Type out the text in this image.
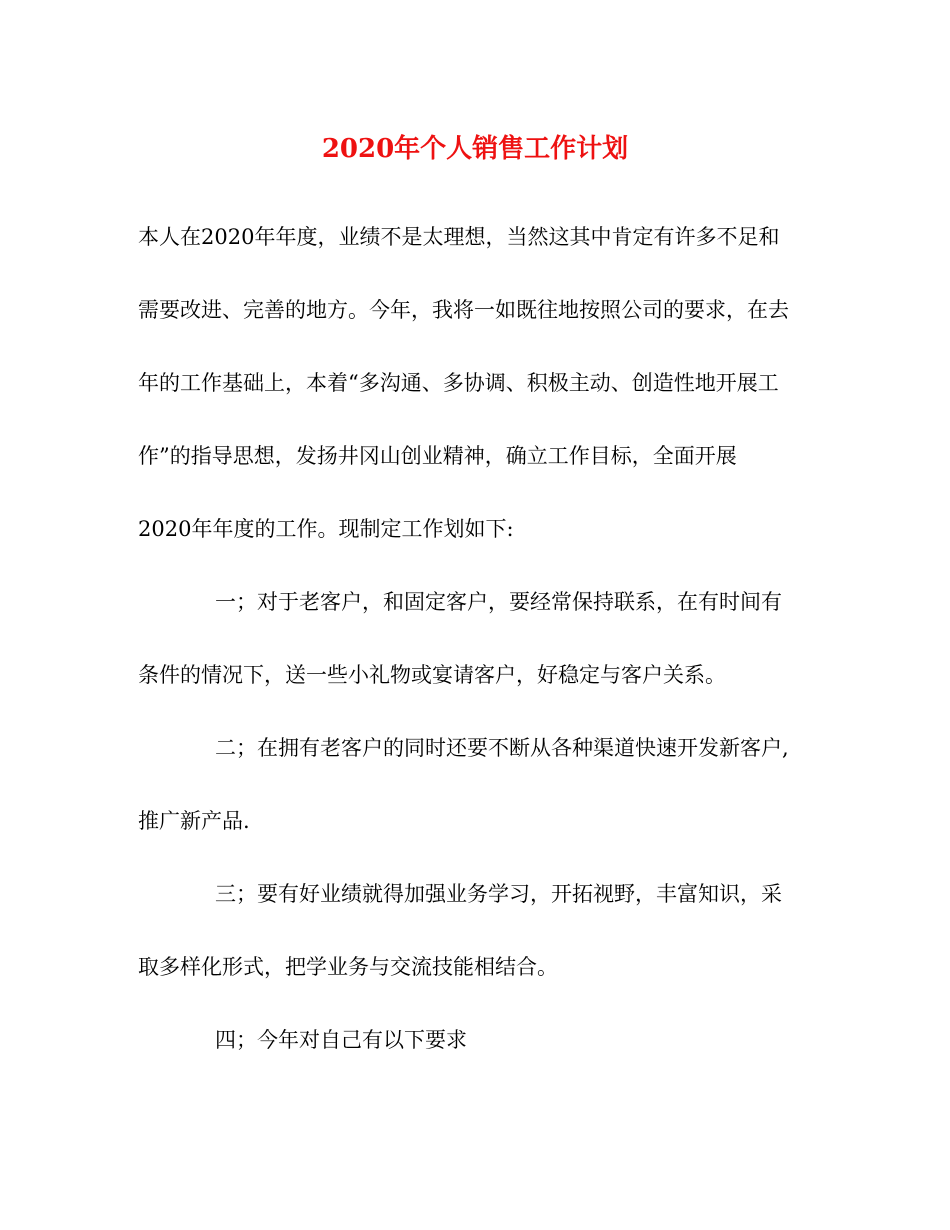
2020年个人销售工作计划

本人在2020年年度，业绩不是太理想，当然这其中肯定有许多不足和

需要改进、完善的地方。今年，我将一如既往地按照公司的要求，在去

年的工作基础上，本着“多沟通、多协调、积极主动、创造性地开展工

作”的指导思想，发扬井冈山创业精神，确立工作目标，全面开展

2020年年度的工作。现制定工作划如下:

一；对于老客户，和固定客户，要经常保持联系，在有时间有

条件的情况下，送一些小礼物或宴请客户，好稳定与客户关系。

二；在拥有老客户的同时还要不断从各种渠道快速开发新客户,

推广新产品.

三；要有好业绩就得加强业务学习，开拓视野，丰富知识，采

取多样化形式，把学业务与交流技能相结合。

四；今年对自己有以下要求
